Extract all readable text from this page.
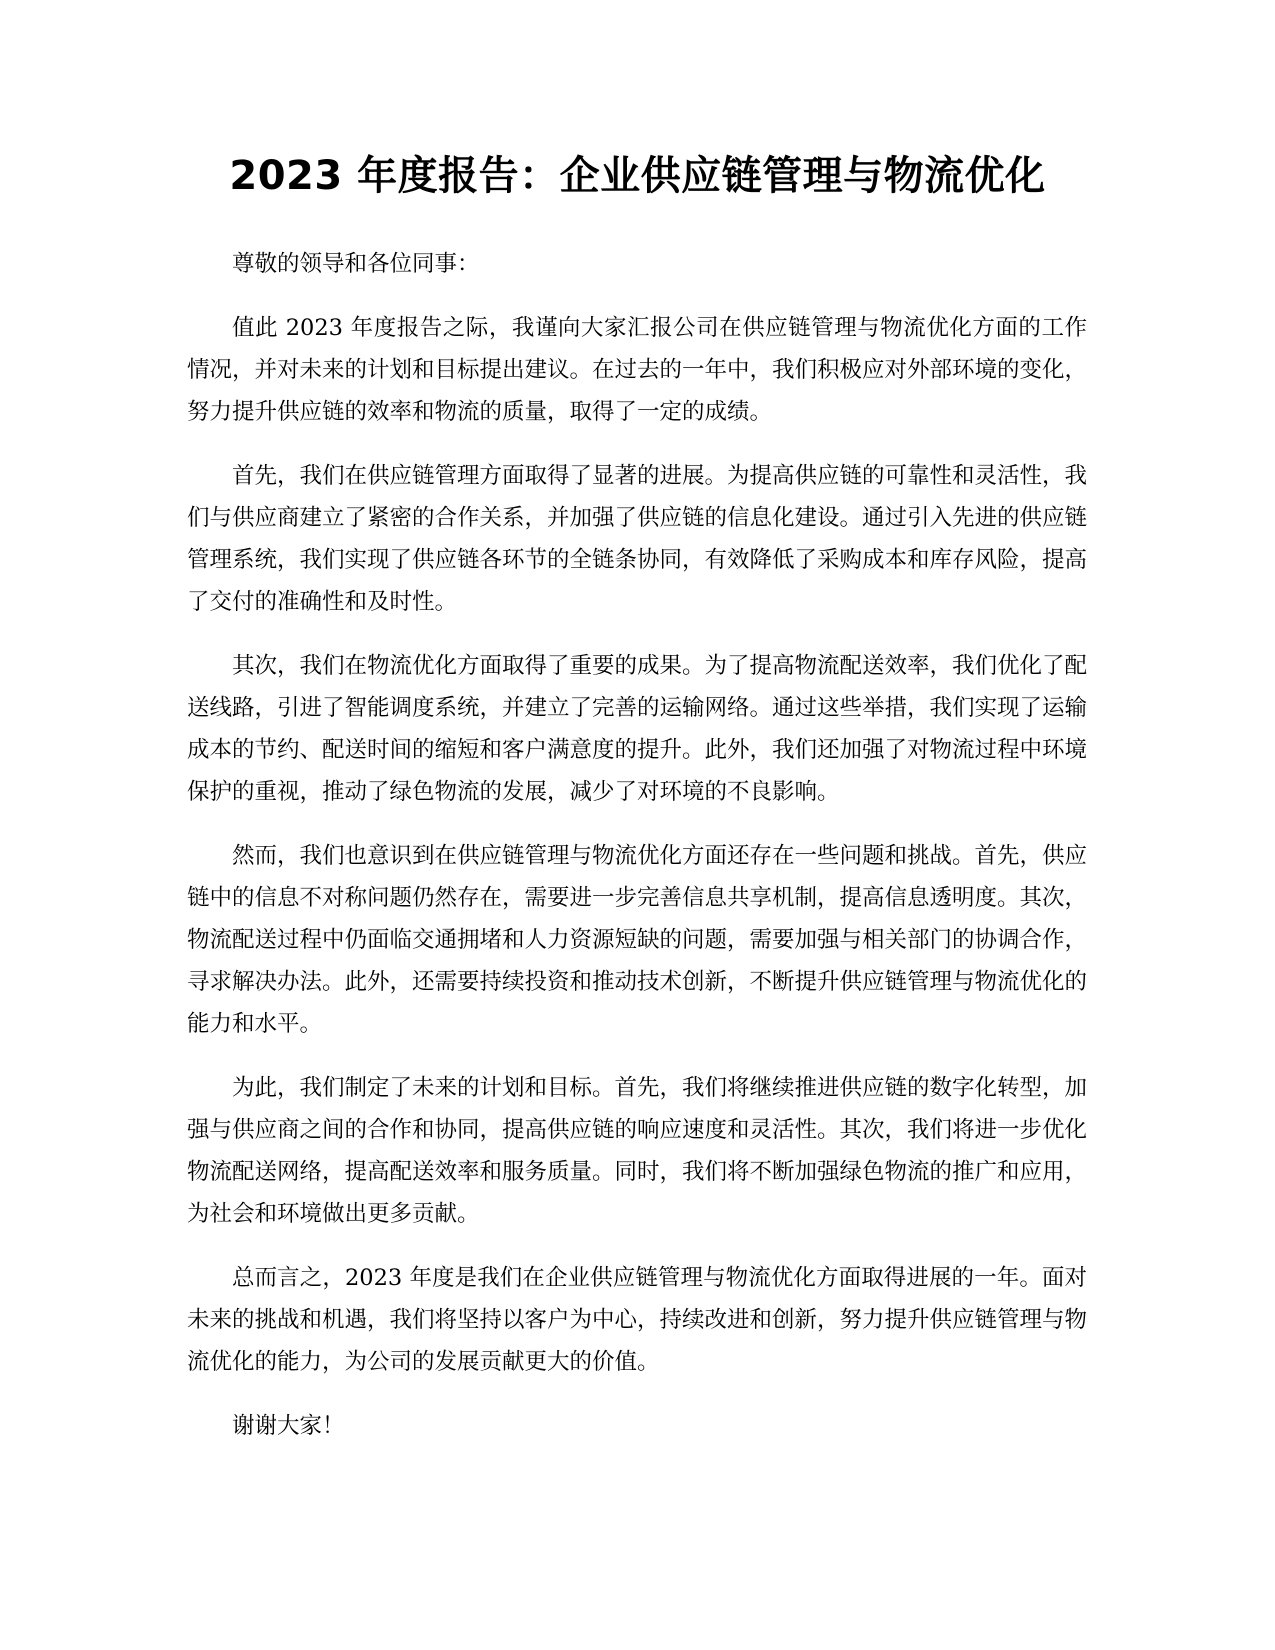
2023 年度报告：企业供应链管理与物流优化

尊敬的领导和各位同事：

值此 2023 年度报告之际，我谨向大家汇报公司在供应链管理与物流优化方面的工作情况，并对未来的计划和目标提出建议。在过去的一年中，我们积极应对外部环境的变化，努力提升供应链的效率和物流的质量，取得了一定的成绩。

首先，我们在供应链管理方面取得了显著的进展。为提高供应链的可靠性和灵活性，我们与供应商建立了紧密的合作关系，并加强了供应链的信息化建设。通过引入先进的供应链管理系统，我们实现了供应链各环节的全链条协同，有效降低了采购成本和库存风险，提高了交付的准确性和及时性。

其次，我们在物流优化方面取得了重要的成果。为了提高物流配送效率，我们优化了配送线路，引进了智能调度系统，并建立了完善的运输网络。通过这些举措，我们实现了运输成本的节约、配送时间的缩短和客户满意度的提升。此外，我们还加强了对物流过程中环境保护的重视，推动了绿色物流的发展，减少了对环境的不良影响。

然而，我们也意识到在供应链管理与物流优化方面还存在一些问题和挑战。首先，供应链中的信息不对称问题仍然存在，需要进一步完善信息共享机制，提高信息透明度。其次，物流配送过程中仍面临交通拥堵和人力资源短缺的问题，需要加强与相关部门的协调合作，寻求解决办法。此外，还需要持续投资和推动技术创新，不断提升供应链管理与物流优化的能力和水平。

为此，我们制定了未来的计划和目标。首先，我们将继续推进供应链的数字化转型，加强与供应商之间的合作和协同，提高供应链的响应速度和灵活性。其次，我们将进一步优化物流配送网络，提高配送效率和服务质量。同时，我们将不断加强绿色物流的推广和应用，为社会和环境做出更多贡献。

总而言之，2023 年度是我们在企业供应链管理与物流优化方面取得进展的一年。面对未来的挑战和机遇，我们将坚持以客户为中心，持续改进和创新，努力提升供应链管理与物流优化的能力，为公司的发展贡献更大的价值。

谢谢大家！
